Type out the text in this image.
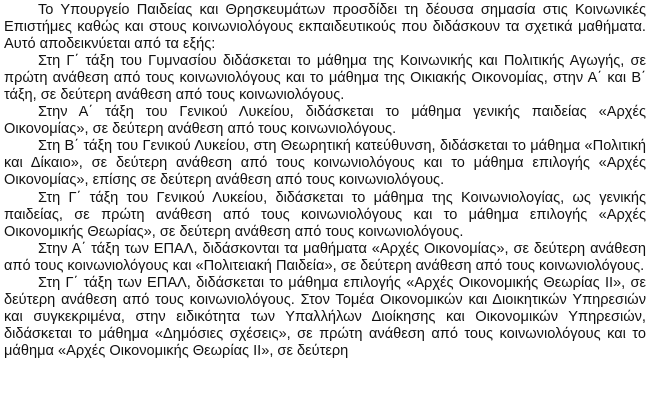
Το Υπουργείο Παιδείας και Θρησκευμάτων προσδίδει τη δέουσα σημασία στις Κοινωνικές Επιστήμες καθώς και στους κοινωνιολόγους εκπαιδευτικούς που διδάσκουν τα σχετικά μαθήματα. Αυτό αποδεικνύεται από τα εξής:

Στη Γ΄ τάξη του Γυμνασίου διδάσκεται το μάθημα της Κοινωνικής και Πολιτικής Αγωγής, σε πρώτη ανάθεση από τους κοινωνιολόγους και το μάθημα της Οικιακής Οικονομίας, στην Α΄ και Β΄ τάξη, σε δεύτερη ανάθεση από τους κοινωνιολόγους.

Στην Α΄ τάξη του Γενικού Λυκείου, διδάσκεται το μάθημα γενικής παιδείας «Αρχές Οικονομίας», σε δεύτερη ανάθεση από τους κοινωνιολόγους.

Στη Β΄ τάξη του Γενικού Λυκείου, στη Θεωρητική κατεύθυνση, διδάσκεται το μάθημα «Πολιτική και Δίκαιο», σε δεύτερη ανάθεση από τους κοινωνιολόγους και το μάθημα επιλογής «Αρχές Οικονομίας», επίσης σε δεύτερη ανάθεση από τους κοινωνιολόγους.

Στη Γ΄ τάξη του Γενικού Λυκείου, διδάσκεται το μάθημα της Κοινωνιολογίας, ως γενικής παιδείας, σε πρώτη ανάθεση από τους κοινωνιολόγους και το μάθημα επιλογής «Αρχές Οικονομικής Θεωρίας», σε δεύτερη ανάθεση από τους κοινωνιολόγους.

Στην Α΄ τάξη των ΕΠΑΛ, διδάσκονται τα μαθήματα «Αρχές Οικονομίας», σε δεύτερη ανάθεση από τους κοινωνιολόγους και «Πολιτειακή Παιδεία», σε δεύτερη ανάθεση από τους κοινωνιολόγους.

Στη Γ΄ τάξη των ΕΠΑΛ, διδάσκεται το μάθημα επιλογής «Αρχές Οικονομικής Θεωρίας ΙΙ», σε δεύτερη ανάθεση από τους κοινωνιολόγους. Στον Τομέα Οικονομικών και Διοικητικών Υπηρεσιών και συγκεκριμένα, στην ειδικότητα των Υπαλλήλων Διοίκησης και Οικονομικών Υπηρεσιών, διδάσκεται το μάθημα «Δημόσιες σχέσεις», σε πρώτη ανάθεση από τους κοινωνιολόγους και το μάθημα «Αρχές Οικονομικής Θεωρίας ΙΙ», σε δεύτερη
